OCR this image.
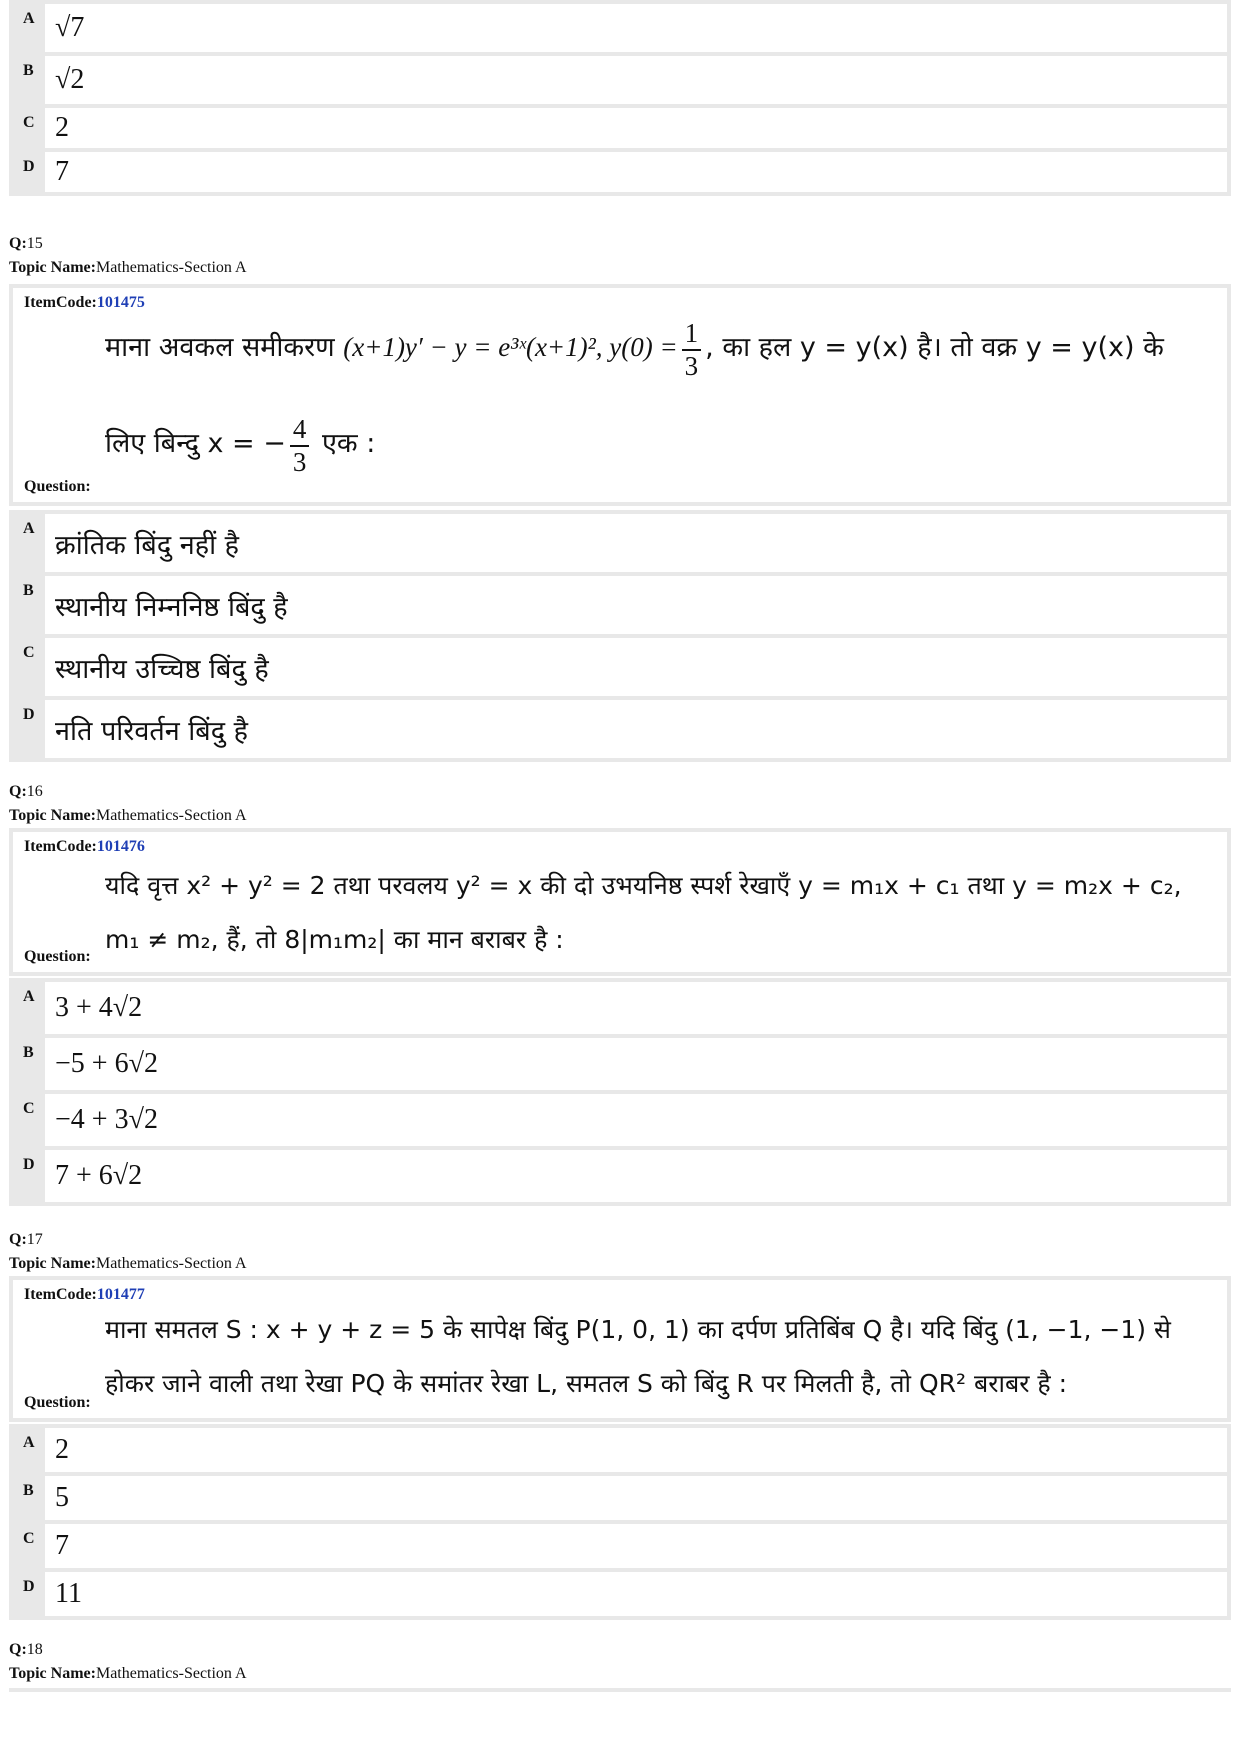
A √7
B √2
C 2
D 7
Q:15
Topic Name:Mathematics-Section A
ItemCode:101475
माना अवकल समीकरण (x+1)y′ − y = e³ˣ(x+1)², $y(0) = \frac{1}{3}$ , का हल y = y(x) है। तो वक्र y = y(x) के
लिए बिन्दु x = − $\frac{4}{3}$ एक :
Question:
A
क्रांतिक बिंदु नहीं है
B
स्थानीय निम्ननिष्ठ बिंदु है
C
स्थानीय उच्चिष्ठ बिंदु है
D
नति परिवर्तन बिंदु है
Q:16
Topic Name:Mathematics-Section A
ItemCode:101476
यदि वृत्त x² + y² = 2 तथा परवलय y² = x की दो उभयनिष्ठ स्पर्श रेखाएँ y = m₁x + c₁ तथा y = m₂x + c₂,
m₁ ≠ m₂, हैं, तो 8|m₁m₂| का मान बराबर है :
Question:
A 3 + 4√2
B −5 + 6√2
C −4 + 3√2
D 7 + 6√2
Q:17
Topic Name:Mathematics-Section A
ItemCode:101477
माना समतल S : x + y + z = 5 के सापेक्ष बिंदु P(1, 0, 1) का दर्पण प्रतिबिंब Q है। यदि बिंदु (1, −1, −1) से
होकर जाने वाली तथा रेखा PQ के समांतर रेखा L, समतल S को बिंदु R पर मिलती है, तो QR² बराबर है :
Question:
A 2
B 5
C 7
D 11
Q:18
Topic Name:Mathematics-Section A
